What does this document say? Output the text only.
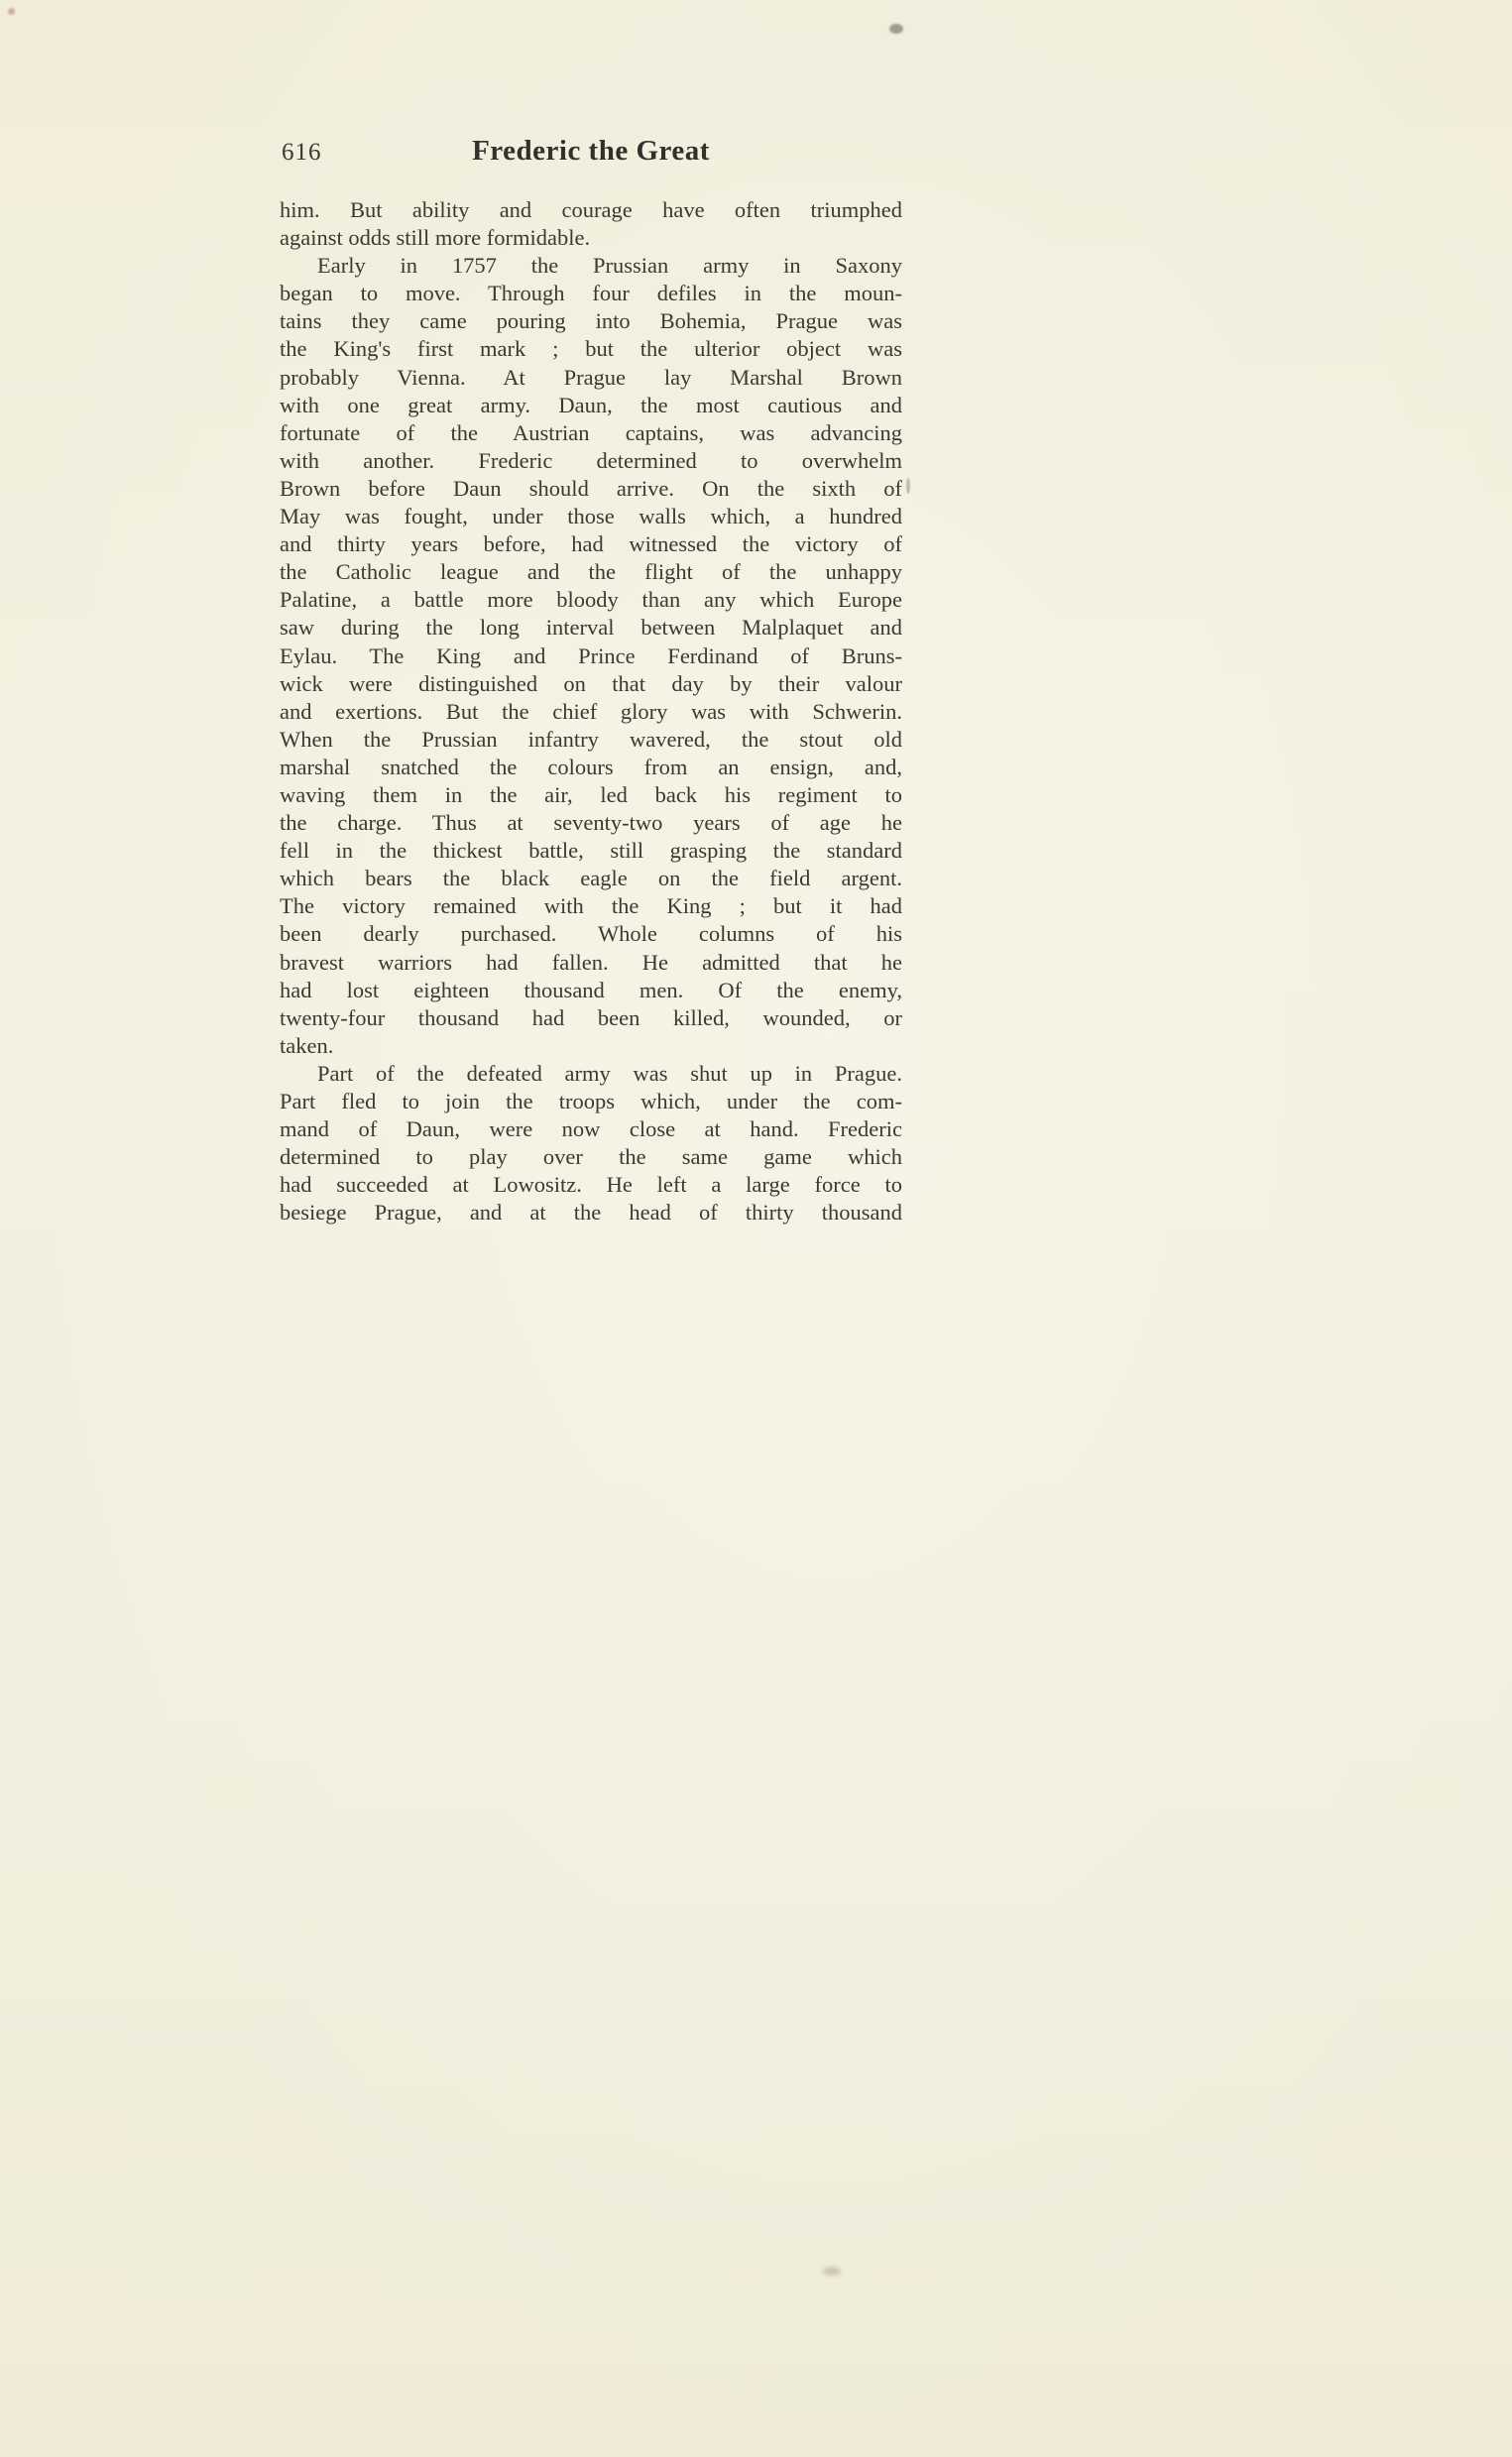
616	Frederic the Great
him. But ability and courage have often triumphed
against odds still more formidable.
Early in 1757 the Prussian army in Saxony
began to move. Through four defiles in the moun-
tains they came pouring into Bohemia, Prague was
the King's first mark ; but the ulterior object was
probably Vienna. At Prague lay Marshal Brown
with one great army. Daun, the most cautious and
fortunate of the Austrian captains, was advancing
with another. Frederic determined to overwhelm
Brown before Daun should arrive. On the sixth of
May was fought, under those walls which, a hundred
and thirty years before, had witnessed the victory of
the Catholic league and the flight of the unhappy
Palatine, a battle more bloody than any which Europe
saw during the long interval between Malplaquet and
Eylau. The King and Prince Ferdinand of Bruns-
wick were distinguished on that day by their valour
and exertions. But the chief glory was with Schwerin.
When the Prussian infantry wavered, the stout old
marshal snatched the colours from an ensign, and,
waving them in the air, led back his regiment to
the charge. Thus at seventy-two years of age he
fell in the thickest battle, still grasping the standard
which bears the black eagle on the field argent.
The victory remained with the King ; but it had
been dearly purchased. Whole columns of his
bravest warriors had fallen. He admitted that he
had lost eighteen thousand men. Of the enemy,
twenty-four thousand had been killed, wounded, or
taken.
Part of the defeated army was shut up in Prague.
Part fled to join the troops which, under the com-
mand of Daun, were now close at hand. Frederic
determined to play over the same game which
had succeeded at Lowositz. He left a large force to
besiege Prague, and at the head of thirty thousand
